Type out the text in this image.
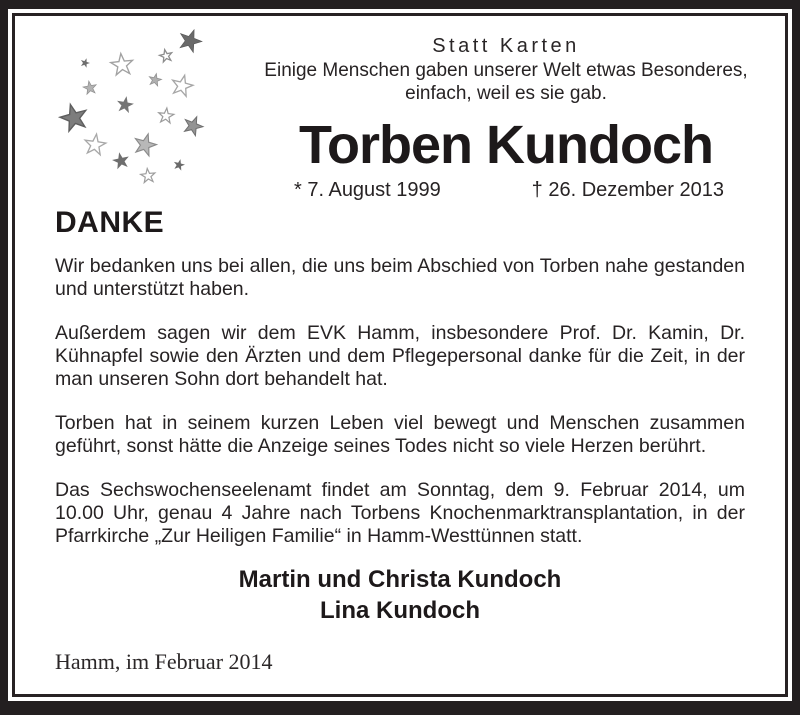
Statt Karten
Einige Menschen gaben unserer Welt etwas Besonderes,
einfach, weil es sie gab.
Torben Kundoch
* 7. August 1999	† 26. Dezember 2013
DANKE

Wir bedanken uns bei allen, die uns beim Abschied von Torben nahe gestanden und unterstützt haben.

Außerdem sagen wir dem EVK Hamm, insbesondere Prof. Dr. Kamin, Dr. Kühnapfel sowie den Ärzten und dem Pflegepersonal danke für die Zeit, in der man unseren Sohn dort behandelt hat.

Torben hat in seinem kurzen Leben viel bewegt und Menschen zusammen geführt, sonst hätte die Anzeige seines Todes nicht so viele Herzen berührt.

Das Sechswochenseelenamt findet am Sonntag, dem 9. Februar 2014, um 10.00 Uhr, genau 4 Jahre nach Torbens Knochenmarktransplantation, in der Pfarrkirche „Zur Heiligen Familie“ in Hamm-Westtünnen statt.

Martin und Christa Kundoch
Lina Kundoch
Hamm, im Februar 2014
